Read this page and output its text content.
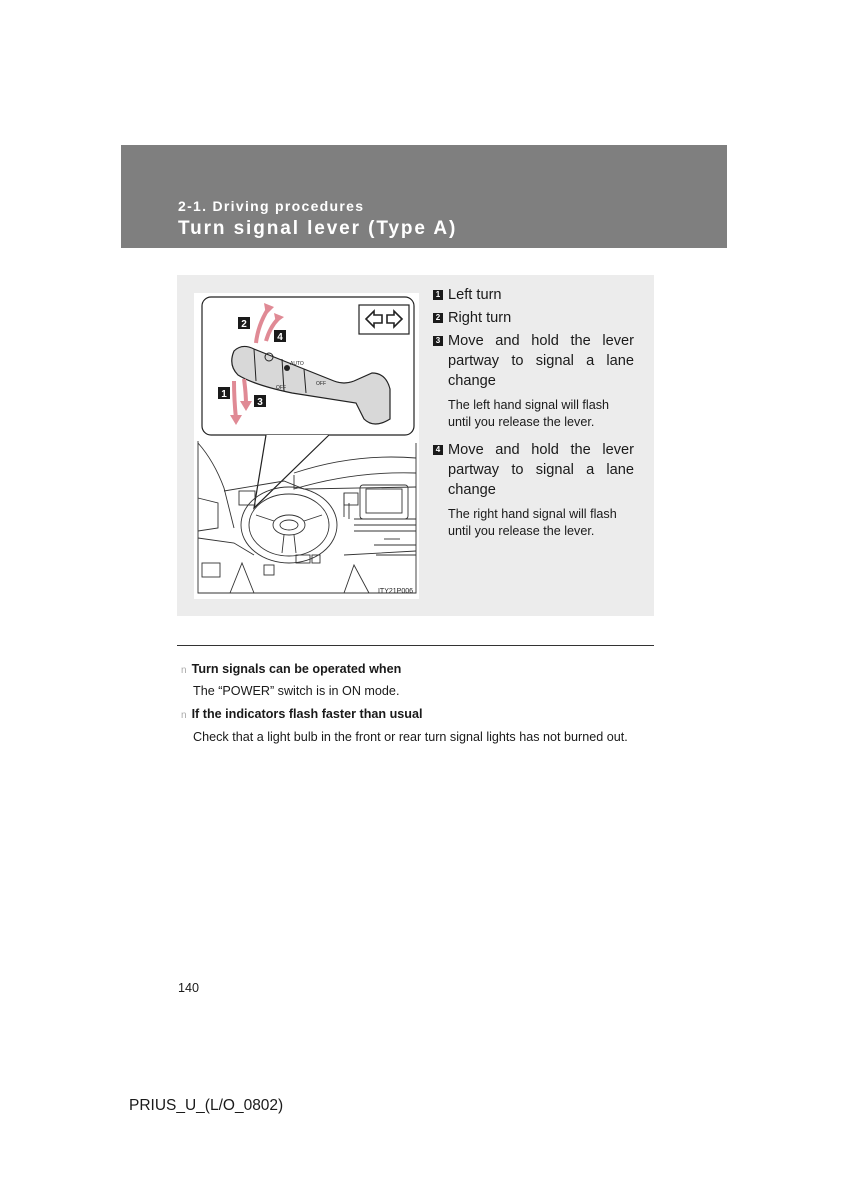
2-1. Driving procedures
Turn signal lever (Type A)
AUTO
OFF
OFF
2
4
1
3
ITY21P006
1 Left turn
2 Right turn
3 Move and hold the lever partway to signal a lane change
The left hand signal will flash until you release the lever.
4 Move and hold the lever partway to signal a lane change
The right hand signal will flash until you release the lever.
n Turn signals can be operated when
The “POWER” switch is in ON mode.
n If the indicators flash faster than usual
Check that a light bulb in the front or rear turn signal lights has not burned out.
140
PRIUS_U_(L/O_0802)
